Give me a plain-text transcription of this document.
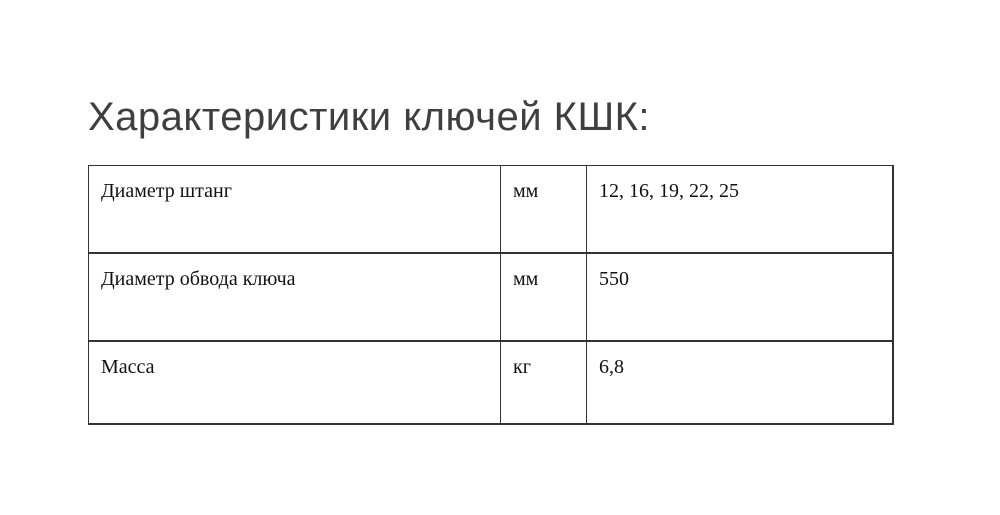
Характеристики ключей КШК:
Диаметр штанг	мм	12, 16, 19, 22, 25
Диаметр обвода ключа	мм	550
Масса	кг	6,8
